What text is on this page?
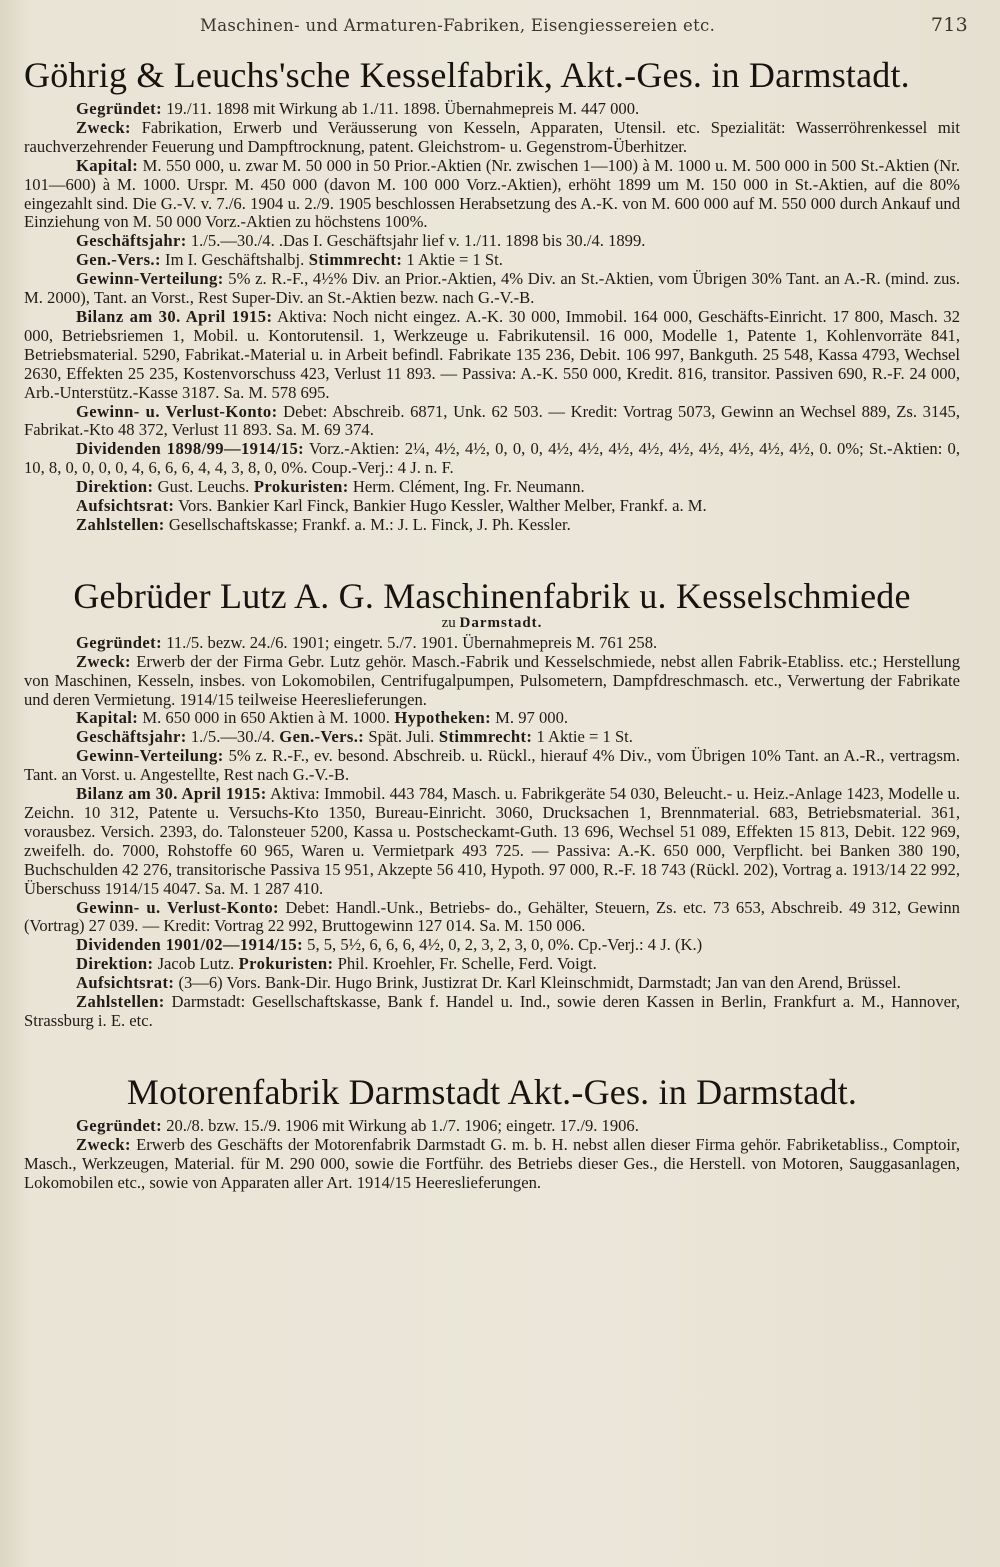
Maschinen- und Armaturen-Fabriken, Eisengiessereien etc.	713
Göhrig & Leuchs'sche Kesselfabrik, Akt.-Ges. in Darmstadt.

Gegründet: 19./11. 1898 mit Wirkung ab 1./11. 1898. Übernahmepreis M. 447 000.

Zweck: Fabrikation, Erwerb und Veräusserung von Kesseln, Apparaten, Utensil. etc. Spezialität: Wasserröhrenkessel mit rauchverzehrender Feuerung und Dampftrocknung, patent. Gleichstrom- u. Gegenstrom-Überhitzer.

Kapital: M. 550 000, u. zwar M. 50 000 in 50 Prior.-Aktien (Nr. zwischen 1—100) à M. 1000 u. M. 500 000 in 500 St.-Aktien (Nr. 101—600) à M. 1000. Urspr. M. 450 000 (davon M. 100 000 Vorz.-Aktien), erhöht 1899 um M. 150 000 in St.-Aktien, auf die 80% eingezahlt sind. Die G.-V. v. 7./6. 1904 u. 2./9. 1905 beschlossen Herabsetzung des A.-K. von M. 600 000 auf M. 550 000 durch Ankauf und Einziehung von M. 50 000 Vorz.-Aktien zu höchstens 100%.

Geschäftsjahr: 1./5.—30./4. .Das I. Geschäftsjahr lief v. 1./11. 1898 bis 30./4. 1899.

Gen.-Vers.: Im I. Geschäftshalbj. Stimmrecht: 1 Aktie = 1 St.

Gewinn-Verteilung: 5% z. R.-F., 4½% Div. an Prior.-Aktien, 4% Div. an St.-Aktien, vom Übrigen 30% Tant. an A.-R. (mind. zus. M. 2000), Tant. an Vorst., Rest Super-Div. an St.-Aktien bezw. nach G.-V.-B.

Bilanz am 30. April 1915: Aktiva: Noch nicht eingez. A.-K. 30 000, Immobil. 164 000, Geschäfts-Einricht. 17 800, Masch. 32 000, Betriebsriemen 1, Mobil. u. Kontorutensil. 1, Werkzeuge u. Fabrikutensil. 16 000, Modelle 1, Patente 1, Kohlenvorräte 841, Betriebsmaterial. 5290, Fabrikat.-Material u. in Arbeit befindl. Fabrikate 135 236, Debit. 106 997, Bankguth. 25 548, Kassa 4793, Wechsel 2630, Effekten 25 235, Kostenvorschuss 423, Verlust 11 893. — Passiva: A.-K. 550 000, Kredit. 816, transitor. Passiven 690, R.-F. 24 000, Arb.-Unterstütz.-Kasse 3187. Sa. M. 578 695.

Gewinn- u. Verlust-Konto: Debet: Abschreib. 6871, Unk. 62 503. — Kredit: Vortrag 5073, Gewinn an Wechsel 889, Zs. 3145, Fabrikat.-Kto 48 372, Verlust 11 893. Sa. M. 69 374.

Dividenden 1898/99—1914/15: Vorz.-Aktien: 2¼, 4½, 4½, 0, 0, 0, 4½, 4½, 4½, 4½, 4½, 4½, 4½, 4½, 4½, 0. 0%; St.-Aktien: 0, 10, 8, 0, 0, 0, 0, 4, 6, 6, 6, 4, 4, 3, 8, 0, 0%. Coup.-Verj.: 4 J. n. F.

Direktion: Gust. Leuchs. Prokuristen: Herm. Clément, Ing. Fr. Neumann.

Aufsichtsrat: Vors. Bankier Karl Finck, Bankier Hugo Kessler, Walther Melber, Frankf. a. M.

Zahlstellen: Gesellschaftskasse; Frankf. a. M.: J. L. Finck, J. Ph. Kessler.

Gebrüder Lutz A. G. Maschinenfabrik u. Kesselschmiede
zu Darmstadt.

Gegründet: 11./5. bezw. 24./6. 1901; eingetr. 5./7. 1901. Übernahmepreis M. 761 258.

Zweck: Erwerb der der Firma Gebr. Lutz gehör. Masch.-Fabrik und Kesselschmiede, nebst allen Fabrik-Etabliss. etc.; Herstellung von Maschinen, Kesseln, insbes. von Lokomobilen, Centrifugalpumpen, Pulsometern, Dampfdreschmasch. etc., Verwertung der Fabrikate und deren Vermietung. 1914/15 teilweise Heereslieferungen.

Kapital: M. 650 000 in 650 Aktien à M. 1000. Hypotheken: M. 97 000.

Geschäftsjahr: 1./5.—30./4. Gen.-Vers.: Spät. Juli. Stimmrecht: 1 Aktie = 1 St.

Gewinn-Verteilung: 5% z. R.-F., ev. besond. Abschreib. u. Rückl., hierauf 4% Div., vom Übrigen 10% Tant. an A.-R., vertragsm. Tant. an Vorst. u. Angestellte, Rest nach G.-V.-B.

Bilanz am 30. April 1915: Aktiva: Immobil. 443 784, Masch. u. Fabrikgeräte 54 030, Beleucht.- u. Heiz.-Anlage 1423, Modelle u. Zeichn. 10 312, Patente u. Versuchs-Kto 1350, Bureau-Einricht. 3060, Drucksachen 1, Brennmaterial. 683, Betriebsmaterial. 361, vorausbez. Versich. 2393, do. Talonsteuer 5200, Kassa u. Postscheckamt-Guth. 13 696, Wechsel 51 089, Effekten 15 813, Debit. 122 969, zweifelh. do. 7000, Rohstoffe 60 965, Waren u. Vermietpark 493 725. — Passiva: A.-K. 650 000, Verpflicht. bei Banken 380 190, Buchschulden 42 276, transitorische Passiva 15 951, Akzepte 56 410, Hypoth. 97 000, R.-F. 18 743 (Rückl. 202), Vortrag a. 1913/14 22 992, Überschuss 1914/15 4047. Sa. M. 1 287 410.

Gewinn- u. Verlust-Konto: Debet: Handl.-Unk., Betriebs- do., Gehälter, Steuern, Zs. etc. 73 653, Abschreib. 49 312, Gewinn (Vortrag) 27 039. — Kredit: Vortrag 22 992, Bruttogewinn 127 014. Sa. M. 150 006.

Dividenden 1901/02—1914/15: 5, 5, 5½, 6, 6, 6, 4½, 0, 2, 3, 2, 3, 0, 0%. Cp.-Verj.: 4 J. (K.)

Direktion: Jacob Lutz. Prokuristen: Phil. Kroehler, Fr. Schelle, Ferd. Voigt.

Aufsichtsrat: (3—6) Vors. Bank-Dir. Hugo Brink, Justizrat Dr. Karl Kleinschmidt, Darmstadt; Jan van den Arend, Brüssel.

Zahlstellen: Darmstadt: Gesellschaftskasse, Bank f. Handel u. Ind., sowie deren Kassen in Berlin, Frankfurt a. M., Hannover, Strassburg i. E. etc.

Motorenfabrik Darmstadt Akt.-Ges. in Darmstadt.

Gegründet: 20./8. bzw. 15./9. 1906 mit Wirkung ab 1./7. 1906; eingetr. 17./9. 1906.

Zweck: Erwerb des Geschäfts der Motorenfabrik Darmstadt G. m. b. H. nebst allen dieser Firma gehör. Fabriketabliss., Comptoir, Masch., Werkzeugen, Material. für M. 290 000, sowie die Fortführ. des Betriebs dieser Ges., die Herstell. von Motoren, Sauggasanlagen, Lokomobilen etc., sowie von Apparaten aller Art. 1914/15 Heereslieferungen.
